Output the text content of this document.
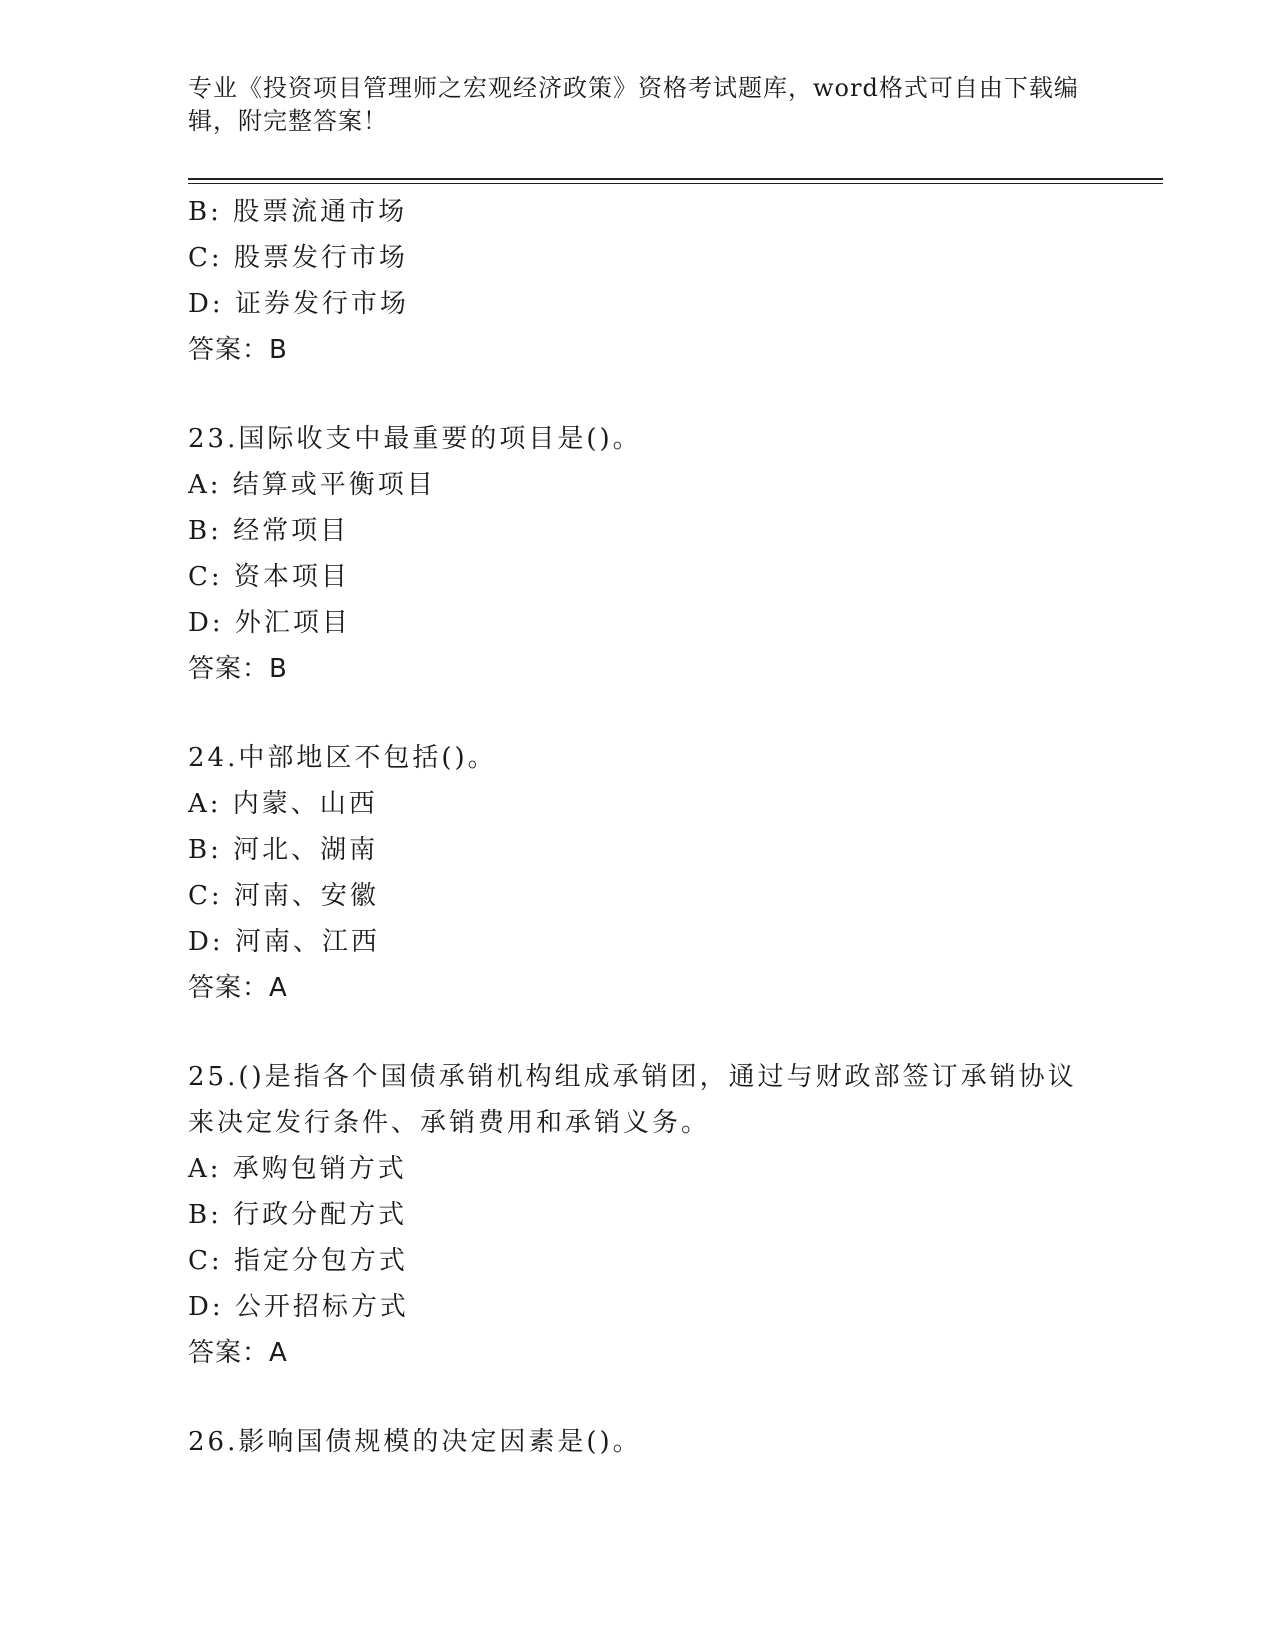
专业《投资项目管理师之宏观经济政策》资格考试题库，word格式可自由下载编
辑，附完整答案！
B: 股票流通市场
C: 股票发行市场
D: 证券发行市场
答案：B
23.国际收支中最重要的项目是()。
A: 结算或平衡项目
B: 经常项目
C: 资本项目
D: 外汇项目
答案：B
24.中部地区不包括()。
A: 内蒙、山西
B: 河北、湖南
C: 河南、安徽
D: 河南、江西
答案：A
25.()是指各个国债承销机构组成承销团，通过与财政部签订承销协议
来决定发行条件、承销费用和承销义务。
A: 承购包销方式
B: 行政分配方式
C: 指定分包方式
D: 公开招标方式
答案：A
26.影响国债规模的决定因素是()。
